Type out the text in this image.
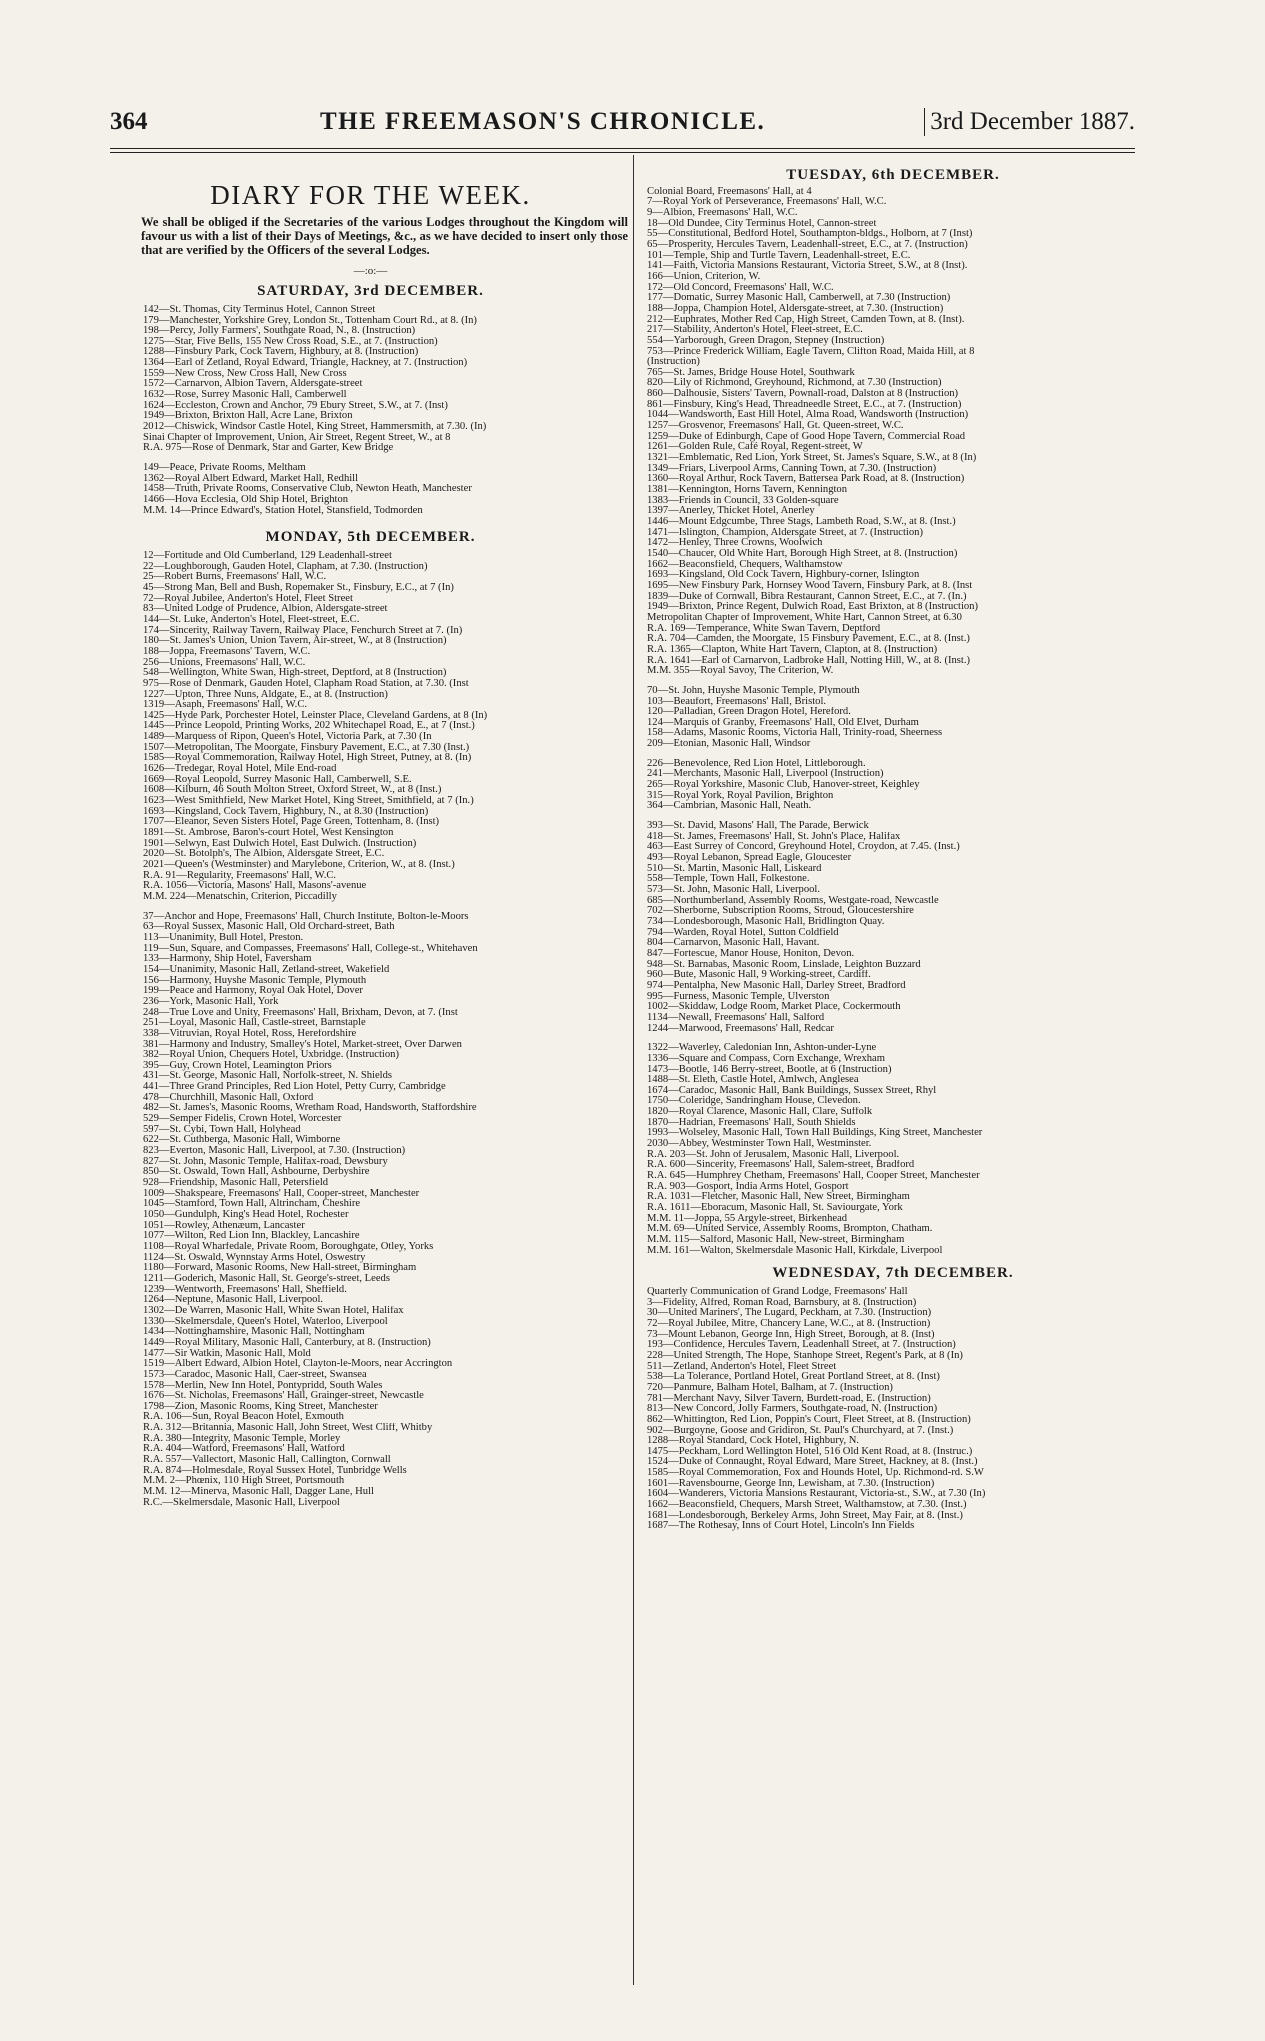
364	THE FREEMASON'S CHRONICLE.	3rd December 1887.
DIARY FOR THE WEEK.

We shall be obliged if the Secretaries of the various Lodges throughout the Kingdom will favour us with a list of their Days of Meetings, &c., as we have decided to insert only those that are verified by the Officers of the several Lodges.

—:o:—
SATURDAY, 3rd DECEMBER.
142—St. Thomas, City Terminus Hotel, Cannon Street
179—Manchester, Yorkshire Grey, London St., Tottenham Court Rd., at 8. (In)
198—Percy, Jolly Farmers', Southgate Road, N., 8. (Instruction)
1275—Star, Five Bells, 155 New Cross Road, S.E., at 7. (Instruction)
1288—Finsbury Park, Cock Tavern, Highbury, at 8. (Instruction)
1364—Earl of Zetland, Royal Edward, Triangle, Hackney, at 7. (Instruction)
1559—New Cross, New Cross Hall, New Cross
1572—Carnarvon, Albion Tavern, Aldersgate-street
1632—Rose, Surrey Masonic Hall, Camberwell
1624—Eccleston, Crown and Anchor, 79 Ebury Street, S.W., at 7. (Inst)
1949—Brixton, Brixton Hall, Acre Lane, Brixton
2012—Chiswick, Windsor Castle Hotel, King Street, Hammersmith, at 7.30. (In)
Sinai Chapter of Improvement, Union, Air Street, Regent Street, W., at 8
R.A. 975—Rose of Denmark, Star and Garter, Kew Bridge
149—Peace, Private Rooms, Meltham
1362—Royal Albert Edward, Market Hall, Redhill
1458—Truth, Private Rooms, Conservative Club, Newton Heath, Manchester
1466—Hova Ecclesia, Old Ship Hotel, Brighton
M.M. 14—Prince Edward's, Station Hotel, Stansfield, Todmorden
MONDAY, 5th DECEMBER.
12—Fortitude and Old Cumberland, 129 Leadenhall-street
22—Loughborough, Gauden Hotel, Clapham, at 7.30. (Instruction)
25—Robert Burns, Freemasons' Hall, W.C.
45—Strong Man, Bell and Bush, Ropemaker St., Finsbury, E.C., at 7 (In)
72—Royal Jubilee, Anderton's Hotel, Fleet Street
83—United Lodge of Prudence, Albion, Aldersgate-street
144—St. Luke, Anderton's Hotel, Fleet-street, E.C.
174—Sincerity, Railway Tavern, Railway Place, Fenchurch Street at 7. (In)
180—St. James's Union, Union Tavern, Air-street, W., at 8 (Instruction)
188—Joppa, Freemasons' Tavern, W.C.
256—Unions, Freemasons' Hall, W.C.
548—Wellington, White Swan, High-street, Deptford, at 8 (Instruction)
975—Rose of Denmark, Gauden Hotel, Clapham Road Station, at 7.30. (Inst
1227—Upton, Three Nuns, Aldgate, E., at 8. (Instruction)
1319—Asaph, Freemasons' Hall, W.C.
1425—Hyde Park, Porchester Hotel, Leinster Place, Cleveland Gardens, at 8 (In)
1445—Prince Leopold, Printing Works, 202 Whitechapel Road, E., at 7 (Inst.)
1489—Marquess of Ripon, Queen's Hotel, Victoria Park, at 7.30 (In
1507—Metropolitan, The Moorgate, Finsbury Pavement, E.C., at 7.30 (Inst.)
1585—Royal Commemoration, Railway Hotel, High Street, Putney, at 8. (In)
1626—Tredegar, Royal Hotel, Mile End-road
1669—Royal Leopold, Surrey Masonic Hall, Camberwell, S.E.
1608—Kilburn, 46 South Molton Street, Oxford Street, W., at 8 (Inst.)
1623—West Smithfield, New Market Hotel, King Street, Smithfield, at 7 (In.)
1693—Kingsland, Cock Tavern, Highbury, N., at 8.30 (Instruction)
1707—Eleanor, Seven Sisters Hotel, Page Green, Tottenham, 8. (Inst)
1891—St. Ambrose, Baron's-court Hotel, West Kensington
1901—Selwyn, East Dulwich Hotel, East Dulwich. (Instruction)
2020—St. Botolph's, The Albion, Aldersgate Street, E.C.
2021—Queen's (Westminster) and Marylebone, Criterion, W., at 8. (Inst.)
R.A. 91—Regularity, Freemasons' Hall, W.C.
R.A. 1056—Victoria, Masons' Hall, Masons'-avenue
M.M. 224—Menatschin, Criterion, Piccadilly
37—Anchor and Hope, Freemasons' Hall, Church Institute, Bolton-le-Moors
63—Royal Sussex, Masonic Hall, Old Orchard-street, Bath
113—Unanimity, Bull Hotel, Preston.
119—Sun, Square, and Compasses, Freemasons' Hall, College-st., Whitehaven
133—Harmony, Ship Hotel, Faversham
154—Unanimity, Masonic Hall, Zetland-street, Wakefield
156—Harmony, Huyshe Masonic Temple, Plymouth
199—Peace and Harmony, Royal Oak Hotel, Dover
236—York, Masonic Hall, York
248—True Love and Unity, Freemasons' Hall, Brixham, Devon, at 7. (Inst
251—Loyal, Masonic Hall, Castle-street, Barnstaple
338—Vitruvian, Royal Hotel, Ross, Herefordshire
381—Harmony and Industry, Smalley's Hotel, Market-street, Over Darwen
382—Royal Union, Chequers Hotel, Uxbridge. (Instruction)
395—Guy, Crown Hotel, Leamington Priors
431—St. George, Masonic Hall, Norfolk-street, N. Shields
441—Three Grand Principles, Red Lion Hotel, Petty Curry, Cambridge
478—Churchhill, Masonic Hall, Oxford
482—St. James's, Masonic Rooms, Wretham Road, Handsworth, Staffordshire
529—Semper Fidelis, Crown Hotel, Worcester
597—St. Cybi, Town Hall, Holyhead
622—St. Cuthberga, Masonic Hall, Wimborne
823—Everton, Masonic Hall, Liverpool, at 7.30. (Instruction)
827—St. John, Masonic Temple, Halifax-road, Dewsbury
850—St. Oswald, Town Hall, Ashbourne, Derbyshire
928—Friendship, Masonic Hall, Petersfield
1009—Shakspeare, Freemasons' Hall, Cooper-street, Manchester
1045—Stamford, Town Hall, Altrincham, Cheshire
1050—Gundulph, King's Head Hotel, Rochester
1051—Rowley, Athenæum, Lancaster
1077—Wilton, Red Lion Inn, Blackley, Lancashire
1108—Royal Wharfedale, Private Room, Boroughgate, Otley, Yorks
1124—St. Oswald, Wynnstay Arms Hotel, Oswestry
1180—Forward, Masonic Rooms, New Hall-street, Birmingham
1211—Goderich, Masonic Hall, St. George's-street, Leeds
1239—Wentworth, Freemasons' Hall, Sheffield.
1264—Neptune, Masonic Hall, Liverpool.
1302—De Warren, Masonic Hall, White Swan Hotel, Halifax
1330—Skelmersdale, Queen's Hotel, Waterloo, Liverpool
1434—Nottinghamshire, Masonic Hall, Nottingham
1449—Royal Military, Masonic Hall, Canterbury, at 8. (Instruction)
1477—Sir Watkin, Masonic Hall, Mold
1519—Albert Edward, Albion Hotel, Clayton-le-Moors, near Accrington
1573—Caradoc, Masonic Hall, Caer-street, Swansea
1578—Merlin, New Inn Hotel, Pontypridd, South Wales
1676—St. Nicholas, Freemasons' Hall, Grainger-street, Newcastle
1798—Zion, Masonic Rooms, King Street, Manchester
R.A. 106—Sun, Royal Beacon Hotel, Exmouth
R.A. 312—Britannia, Masonic Hall, John Street, West Cliff, Whitby
R.A. 380—Integrity, Masonic Temple, Morley
R.A. 404—Watford, Freemasons' Hall, Watford
R.A. 557—Vallectort, Masonic Hall, Callington, Cornwall
R.A. 874—Holmesdale, Royal Sussex Hotel, Tunbridge Wells
M.M. 2—Phœnix, 110 High Street, Portsmouth
M.M. 12—Minerva, Masonic Hall, Dagger Lane, Hull
R.C.—Skelmersdale, Masonic Hall, Liverpool
TUESDAY, 6th DECEMBER.
Colonial Board, Freemasons' Hall, at 4
7—Royal York of Perseverance, Freemasons' Hall, W.C.
9—Albion, Freemasons' Hall, W.C.
18—Old Dundee, City Terminus Hotel, Cannon-street
55—Constitutional, Bedford Hotel, Southampton-bldgs., Holborn, at 7 (Inst)
65—Prosperity, Hercules Tavern, Leadenhall-street, E.C., at 7. (Instruction)
101—Temple, Ship and Turtle Tavern, Leadenhall-street, E.C.
141—Faith, Victoria Mansions Restaurant, Victoria Street, S.W., at 8 (Inst).
166—Union, Criterion, W.
172—Old Concord, Freemasons' Hall, W.C.
177—Domatic, Surrey Masonic Hall, Camberwell, at 7.30 (Instruction)
188—Joppa, Champion Hotel, Aldersgate-street, at 7.30. (Instruction)
212—Euphrates, Mother Red Cap, High Street, Camden Town, at 8. (Inst).
217—Stability, Anderton's Hotel, Fleet-street, E.C.
554—Yarborough, Green Dragon, Stepney (Instruction)
753—Prince Frederick William, Eagle Tavern, Clifton Road, Maida Hill, at 8
(Instruction)
765—St. James, Bridge House Hotel, Southwark
820—Lily of Richmond, Greyhound, Richmond, at 7.30 (Instruction)
860—Dalhousie, Sisters' Tavern, Pownall-road, Dalston at 8 (Instruction)
861—Finsbury, King's Head, Threadneedle Street, E.C., at 7. (Instruction)
1044—Wandsworth, East Hill Hotel, Alma Road, Wandsworth (Instruction)
1257—Grosvenor, Freemasons' Hall, Gt. Queen-street, W.C.
1259—Duke of Edinburgh, Cape of Good Hope Tavern, Commercial Road
1261—Golden Rule, Café Royal, Regent-street, W
1321—Emblematic, Red Lion, York Street, St. James's Square, S.W., at 8 (In)
1349—Friars, Liverpool Arms, Canning Town, at 7.30. (Instruction)
1360—Royal Arthur, Rock Tavern, Battersea Park Road, at 8. (Instruction)
1381—Kennington, Horns Tavern, Kennington
1383—Friends in Council, 33 Golden-square
1397—Anerley, Thicket Hotel, Anerley
1446—Mount Edgcumbe, Three Stags, Lambeth Road, S.W., at 8. (Inst.)
1471—Islington, Champion, Aldersgate Street, at 7. (Instruction)
1472—Henley, Three Crowns, Woolwich
1540—Chaucer, Old White Hart, Borough High Street, at 8. (Instruction)
1662—Beaconsfield, Chequers, Walthamstow
1693—Kingsland, Old Cock Tavern, Highbury-corner, Islington
1695—New Finsbury Park, Hornsey Wood Tavern, Finsbury Park, at 8. (Inst
1839—Duke of Cornwall, Bibra Restaurant, Cannon Street, E.C., at 7. (In.)
1949—Brixton, Prince Regent, Dulwich Road, East Brixton, at 8 (Instruction)
Metropolitan Chapter of Improvement, White Hart, Cannon Street, at 6.30
R.A. 169—Temperance, White Swan Tavern, Deptford
R.A. 704—Camden, the Moorgate, 15 Finsbury Pavement, E.C., at 8. (Inst.)
R.A. 1365—Clapton, White Hart Tavern, Clapton, at 8. (Instruction)
R.A. 1641—Earl of Carnarvon, Ladbroke Hall, Notting Hill, W., at 8. (Inst.)
M.M. 355—Royal Savoy, The Criterion, W.
70—St. John, Huyshe Masonic Temple, Plymouth
103—Beaufort, Freemasons' Hall, Bristol.
120—Palladian, Green Dragon Hotel, Hereford.
124—Marquis of Granby, Freemasons' Hall, Old Elvet, Durham
158—Adams, Masonic Rooms, Victoria Hall, Trinity-road, Sheerness
209—Etonian, Masonic Hall, Windsor
226—Benevolence, Red Lion Hotel, Littleborough.
241—Merchants, Masonic Hall, Liverpool (Instruction)
265—Royal Yorkshire, Masonic Club, Hanover-street, Keighley
315—Royal York, Royal Pavilion, Brighton
364—Cambrian, Masonic Hall, Neath.
393—St. David, Masons' Hall, The Parade, Berwick
418—St. James, Freemasons' Hall, St. John's Place, Halifax
463—East Surrey of Concord, Greyhound Hotel, Croydon, at 7.45. (Inst.)
493—Royal Lebanon, Spread Eagle, Gloucester
510—St. Martin, Masonic Hall, Liskeard
558—Temple, Town Hall, Folkestone.
573—St. John, Masonic Hall, Liverpool.
685—Northumberland, Assembly Rooms, Westgate-road, Newcastle
702—Sherborne, Subscription Rooms, Stroud, Gloucestershire
734—Londesborough, Masonic Hall, Bridlington Quay.
794—Warden, Royal Hotel, Sutton Coldfield
804—Carnarvon, Masonic Hall, Havant.
847—Fortescue, Manor House, Honiton, Devon.
948—St. Barnabas, Masonic Room, Linslade, Leighton Buzzard
960—Bute, Masonic Hall, 9 Working-street, Cardiff.
974—Pentalpha, New Masonic Hall, Darley Street, Bradford
995—Furness, Masonic Temple, Ulverston
1002—Skiddaw, Lodge Room, Market Place, Cockermouth
1134—Newall, Freemasons' Hall, Salford
1244—Marwood, Freemasons' Hall, Redcar
1322—Waverley, Caledonian Inn, Ashton-under-Lyne
1336—Square and Compass, Corn Exchange, Wrexham
1473—Bootle, 146 Berry-street, Bootle, at 6 (Instruction)
1488—St. Eleth, Castle Hotel, Amlwch, Anglesea
1674—Caradoc, Masonic Hall, Bank Buildings, Sussex Street, Rhyl
1750—Coleridge, Sandringham House, Clevedon.
1820—Royal Clarence, Masonic Hall, Clare, Suffolk
1870—Hadrian, Freemasons' Hall, South Shields
1993—Wolseley, Masonic Hall, Town Hall Buildings, King Street, Manchester
2030—Abbey, Westminster Town Hall, Westminster.
R.A. 203—St. John of Jerusalem, Masonic Hall, Liverpool.
R.A. 600—Sincerity, Freemasons' Hall, Salem-street, Bradford
R.A. 645—Humphrey Chetham, Freemasons' Hall, Cooper Street, Manchester
R.A. 903—Gosport, India Arms Hotel, Gosport
R.A. 1031—Fletcher, Masonic Hall, New Street, Birmingham
R.A. 1611—Eboracum, Masonic Hall, St. Saviourgate, York
M.M. 11—Joppa, 55 Argyle-street, Birkenhead
M.M. 69—United Service, Assembly Rooms, Brompton, Chatham.
M.M. 115—Salford, Masonic Hall, New-street, Birmingham
M.M. 161—Walton, Skelmersdale Masonic Hall, Kirkdale, Liverpool
WEDNESDAY, 7th DECEMBER.
Quarterly Communication of Grand Lodge, Freemasons' Hall
3—Fidelity, Alfred, Roman Road, Barnsbury, at 8. (Instruction)
30—United Mariners', The Lugard, Peckham, at 7.30. (Instruction)
72—Royal Jubilee, Mitre, Chancery Lane, W.C., at 8. (Instruction)
73—Mount Lebanon, George Inn, High Street, Borough, at 8. (Inst)
193—Confidence, Hercules Tavern, Leadenhall Street, at 7. (Instruction)
228—United Strength, The Hope, Stanhope Street, Regent's Park, at 8 (In)
511—Zetland, Anderton's Hotel, Fleet Street
538—La Tolerance, Portland Hotel, Great Portland Street, at 8. (Inst)
720—Panmure, Balham Hotel, Balham, at 7. (Instruction)
781—Merchant Navy, Silver Tavern, Burdett-road, E. (Instruction)
813—New Concord, Jolly Farmers, Southgate-road, N. (Instruction)
862—Whittington, Red Lion, Poppin's Court, Fleet Street, at 8. (Instruction)
902—Burgoyne, Goose and Gridiron, St. Paul's Churchyard, at 7. (Inst.)
1288—Royal Standard, Cock Hotel, Highbury, N.
1475—Peckham, Lord Wellington Hotel, 516 Old Kent Road, at 8. (Instruc.)
1524—Duke of Connaught, Royal Edward, Mare Street, Hackney, at 8. (Inst.)
1585—Royal Commemoration, Fox and Hounds Hotel, Up. Richmond-rd. S.W
1601—Ravensbourne, George Inn, Lewisham, at 7.30. (Instruction)
1604—Wanderers, Victoria Mansions Restaurant, Victoria-st., S.W., at 7.30 (In)
1662—Beaconsfield, Chequers, Marsh Street, Walthamstow, at 7.30. (Inst.)
1681—Londesborough, Berkeley Arms, John Street, May Fair, at 8. (Inst.)
1687—The Rothesay, Inns of Court Hotel, Lincoln's Inn Fields
